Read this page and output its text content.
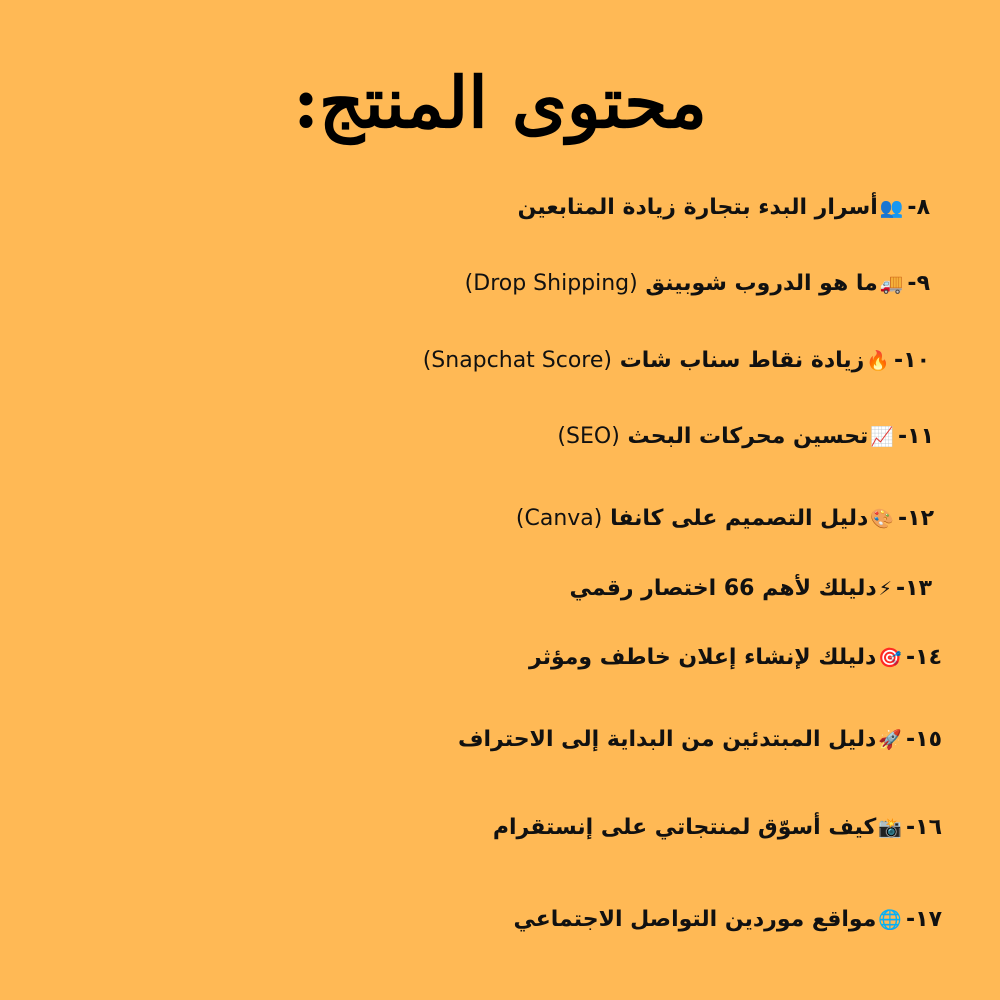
محتوى المنتج:
٨-👥أسرار البدء بتجارة زيادة المتابعين
٩-🚚ما هو الدروب شوبينق (Drop Shipping)
١٠-🔥زيادة نقاط سناب شات (Snapchat Score)
١١-📈تحسين محركات البحث (SEO)
١٢-🎨دليل التصميم على كانفا (Canva)
١٣-⚡دليلك لأهم 66 اختصار رقمي
١٤-🎯دليلك لإنشاء إعلان خاطف ومؤثر
١٥-🚀دليل المبتدئين من البداية إلى الاحتراف
١٦-📸كيف أسوّق لمنتجاتي على إنستقرام
١٧-🌐مواقع موردين التواصل الاجتماعي
